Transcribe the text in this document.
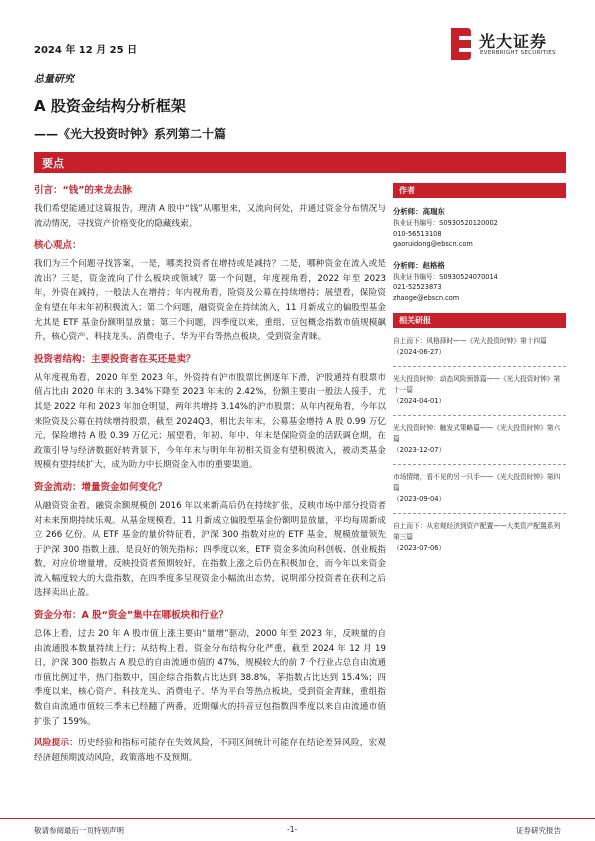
2024 年 12 月 25 日	光大证券
EVERBRIGHT SECURITIES
总量研究
A 股资金结构分析框架
——《光大投资时钟》系列第二十篇
要点
引言：“钱”的来龙去脉

我们希望能通过这篇报告，理清 A 股中“钱”从哪里来，又流向何处，并通过资金分布情况与流动情况，寻找资产价格变化的隐藏线索。

核心观点：

我们为三个问题寻找答案，一是，哪类投资者在增持或是减持？二是，哪种资金在流入或是流出？三是，资金流向了什么板块或领域？第一个问题，年度视角看，2022 年至 2023 年，外资在减持，一般法人在增持；年内视角看，险资及公募在持续增持；展望看，保险资金有望在年末年初积极流入；第二个问题，融资资金在持续流入，11 月新成立的偏股型基金尤其是 ETF 基金份额明显放量；第三个问题，四季度以来，重组、豆包概念指数市值规模飙升，核心资产、科技龙头、消费电子、华为平台等热点板块，受到资金青睐。

投资者结构：主要投资者在买还是卖？

从年度视角看，2020 年至 2023 年，外资持有沪市股票比例逐年下滑，沪股通持有股票市值占比由 2020 年末的 3.34%下降至 2023 年末的 2.42%，份额主要由一般法人接手，尤其是 2022 年和 2023 年加仓明显，两年共增持 3.14%的沪市股票；从年内视角看，今年以来险资及公募在持续增持股票，截至 2024Q3，相比去年末，公募基金增持 A 股 0.99 万亿元，保险增持 A 股 0.39 万亿元；展望看，年初、年中、年末是保险资金的活跃调仓期，在政策引导与经济数据好转背景下，今年年末与明年年初相关资金有望积极流入，被动类基金规模有望持续扩大，成为助力中长期资金入市的重要渠道。

资金流动：增量资金如何变化？

从融资资金看，融资余额规模创 2016 年以来新高后仍在持续扩张，反映市场中部分投资者对未来预期持续乐观。从基金规模看，11 月新成立偏股型基金份额明显放量，平均每周新成立 266 亿份。从 ETF 基金的量价特征看，沪深 300 指数对应的 ETF 基金，规模放量领先于沪深 300 指数上涨，是良好的领先指标；四季度以来，ETF 资金多流向科创板、创业板指数，对应价增量增，反映投资者预期较好，在指数上涨之后仍在积极加仓，而今年以来资金流入幅度较大的大盘指数，在四季度多呈现资金小幅流出态势，说明部分投资者在获利之后选择卖出止盈。

资金分布：A 股“资金”集中在哪板块和行业？

总体上看，过去 20 年 A 股市值上涨主要由“量增”驱动，2000 年至 2023 年，反映量的自由流通股本数量持续上行；从结构上看，资金分布结构分化严重，截至 2024 年 12 月 19 日，沪深 300 指数占 A 股总的自由流通市值的 47%，规模较大的前 7 个行业占总自由流通市值比例过半，热门指数中，国企综合指数占比达到 38.8%，茅指数占比达到 15.4%；四季度以来，核心资产、科技龙头、消费电子、华为平台等热点板块，受到资金青睐，重组指数自由流通市值较三季末已经翻了两番，近期爆火的抖音豆包指数四季度以来自由流通市值扩张了 159%。

风险提示：历史经验和指标可能存在失效风险，不同区间统计可能存在结论差异风险，宏观经济超预期波动风险，政策落地不及预期。

作者
分析师：高瑞东
执业证书编号：S0930520120002
010-56513108
gaoruidong@ebscn.com
分析师：赵格格
执业证书编号：S0930524070014
021-52523873
zhaoge@ebscn.com
相关研报
自上而下：风格择时——《光大投资时钟》第十四篇
（2024-06-27）
光大投资时钟：动态风险预算篇——《光大投资时钟》第十一篇
（2024-04-01）
光大投资时钟：触发式策略篇——《光大投资时钟》第六篇
（2023-12-07）
市场情绪，看不见的另一只手——《光大投资时钟》第四篇
（2023-09-04）
自上而下：从宏观经济到资产配置——大类资产配置系列第三篇
（2023-07-06）
敬请参阅最后一页特别声明	-1-	证券研究报告
